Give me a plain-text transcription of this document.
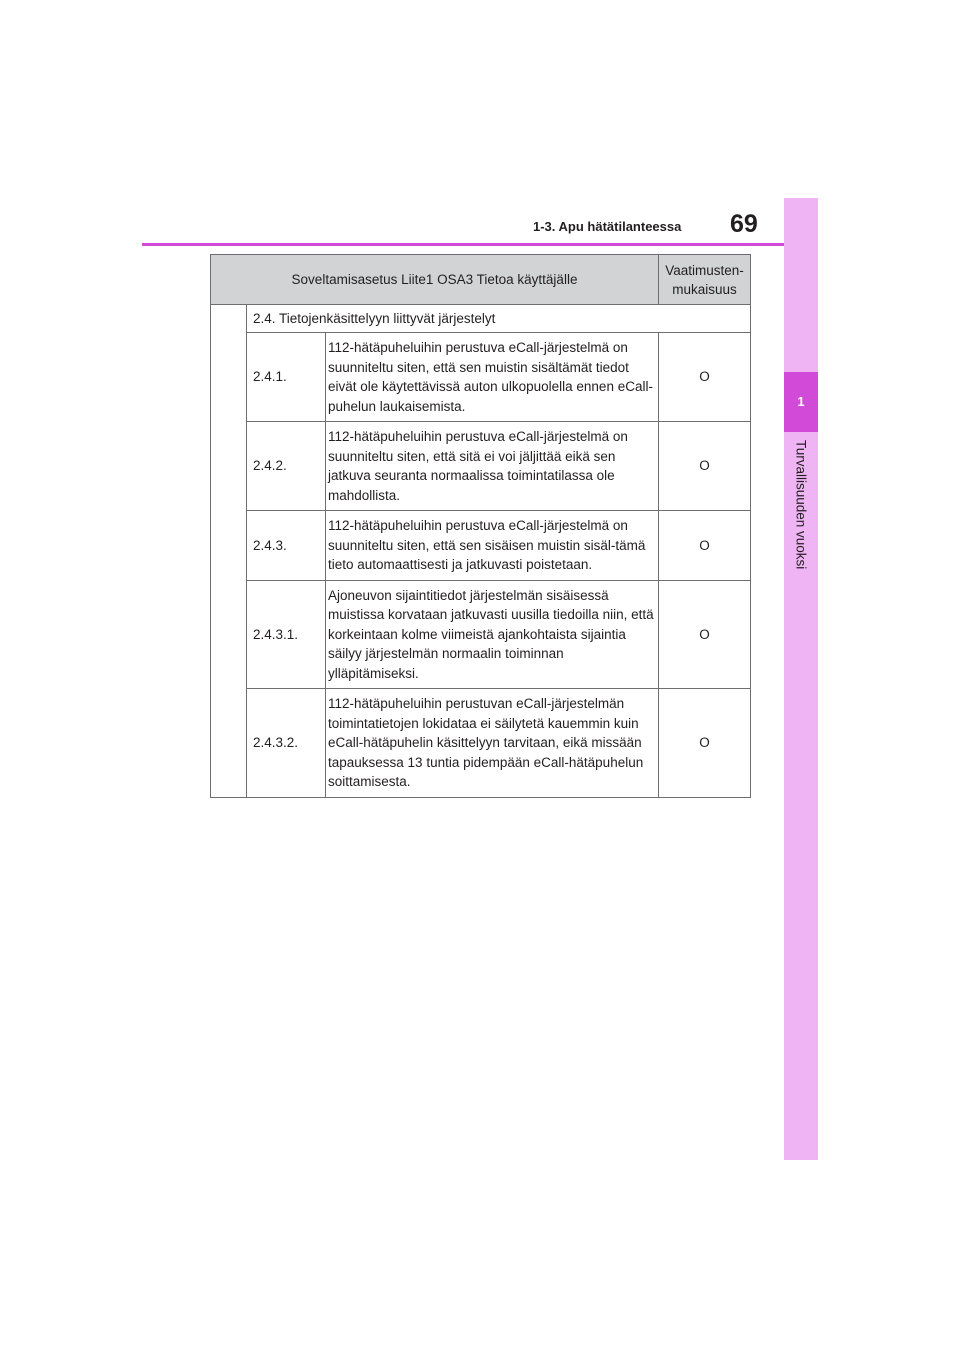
1
Turvallisuuden vuoksi
1-3. Apu hätätilanteessa 69
Soveltamisasetus Liite1 OSA3 Tietoa käyttäjälle			Vaatimusten-
mukaisuus
	2.4. Tietojenkäsittelyyn liittyvät järjestelyt		
	2.4.1.	112-hätäpuheluihin perustuva eCall-järjestelmä on suunniteltu siten, että sen muistin sisältämät tiedot eivät ole käytettävissä auton ulkopuolella ennen eCall-puhelun laukaisemista.	O
	2.4.2.	112-hätäpuheluihin perustuva eCall-järjestelmä on suunniteltu siten, että sitä ei voi jäljittää eikä sen jatkuva seuranta normaalissa toimintatilassa ole mahdollista.	O
	2.4.3.	112-hätäpuheluihin perustuva eCall-järjestelmä on suunniteltu siten, että sen sisäisen muistin sisäl-tämä tieto automaattisesti ja jatkuvasti poistetaan.	O
	2.4.3.1.	Ajoneuvon sijaintitiedot järjestelmän sisäisessä muistissa korvataan jatkuvasti uusilla tiedoilla niin, että korkeintaan kolme viimeistä ajankohtaista sijaintia säilyy järjestelmän normaalin toiminnan ylläpitämiseksi.	O
	2.4.3.2.	112-hätäpuheluihin perustuvan eCall-järjestelmän toimintatietojen lokidataa ei säilytetä kauemmin kuin eCall-hätäpuhelin käsittelyyn tarvitaan, eikä missään tapauksessa 13 tuntia pidempään eCall-hätäpuhelun soittamisesta.	O
